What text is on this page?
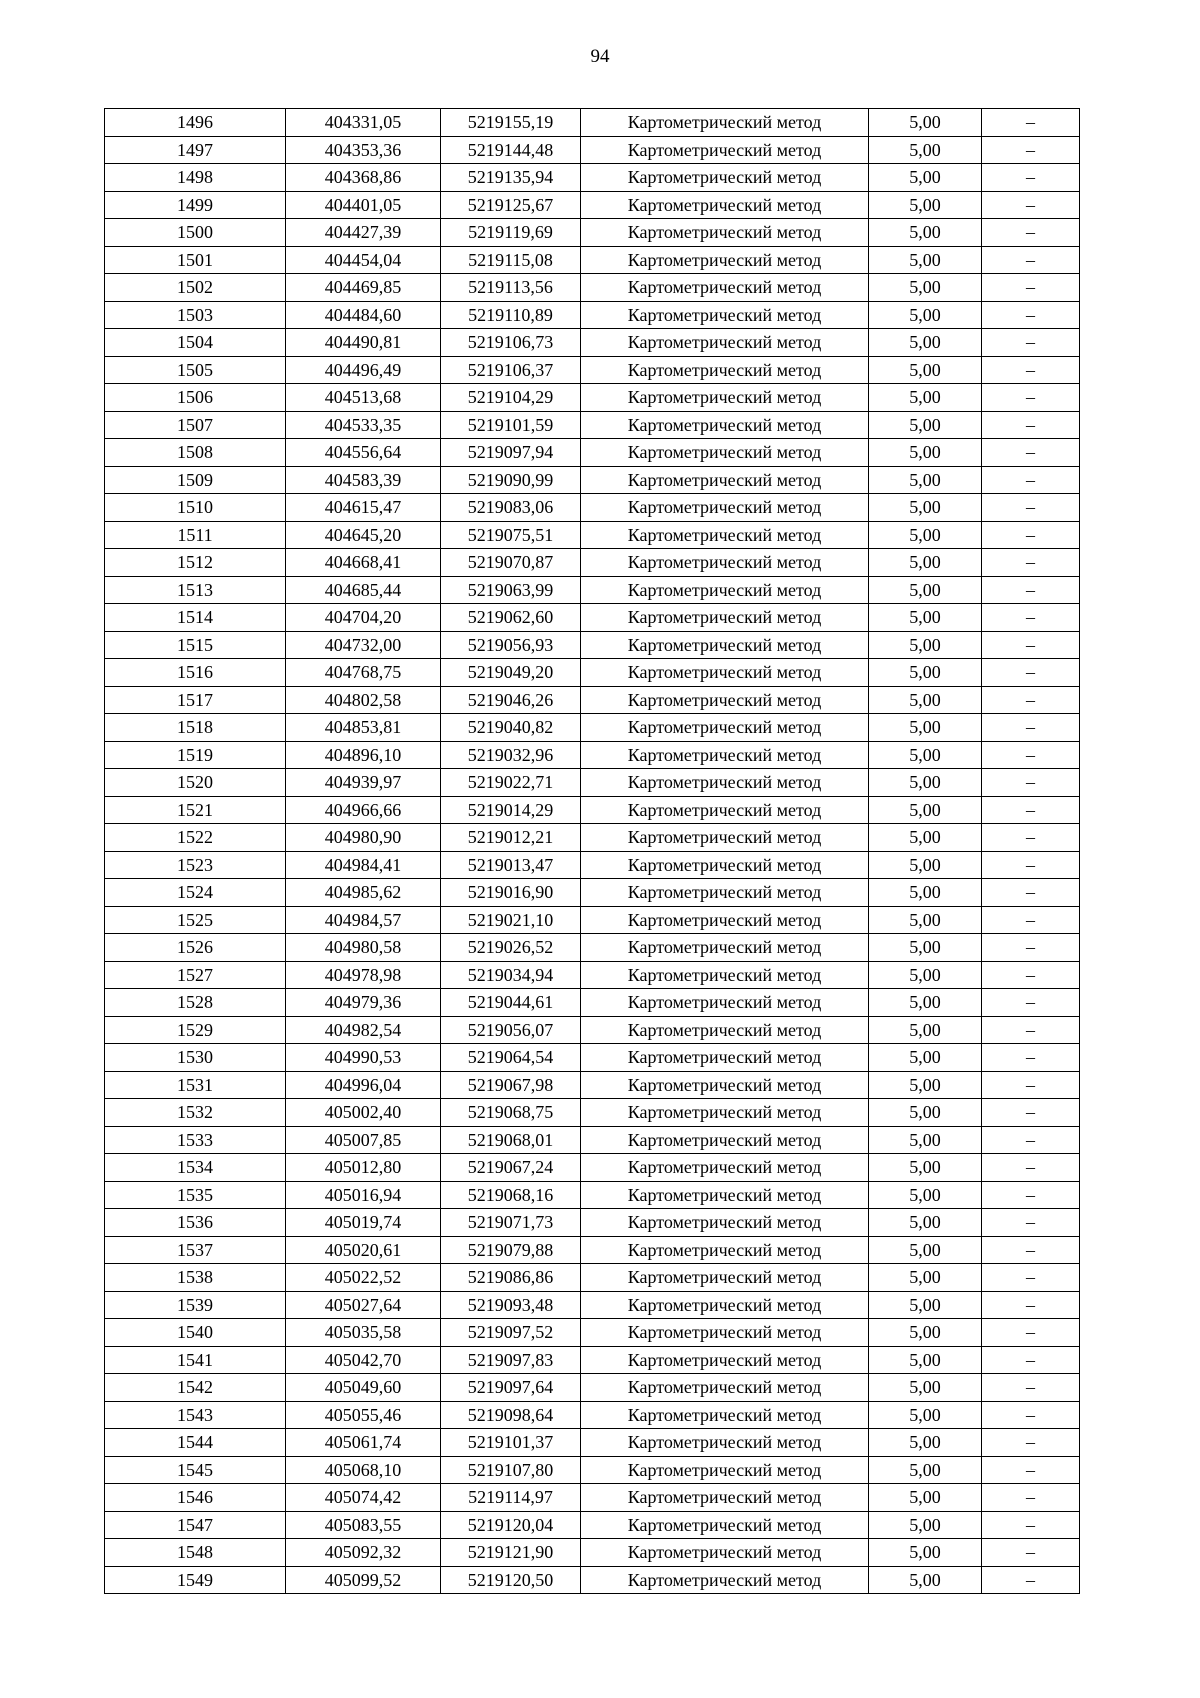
94
1496	404331,05	5219155,19	Картометрический метод	5,00	–
1497	404353,36	5219144,48	Картометрический метод	5,00	–
1498	404368,86	5219135,94	Картометрический метод	5,00	–
1499	404401,05	5219125,67	Картометрический метод	5,00	–
1500	404427,39	5219119,69	Картометрический метод	5,00	–
1501	404454,04	5219115,08	Картометрический метод	5,00	–
1502	404469,85	5219113,56	Картометрический метод	5,00	–
1503	404484,60	5219110,89	Картометрический метод	5,00	–
1504	404490,81	5219106,73	Картометрический метод	5,00	–
1505	404496,49	5219106,37	Картометрический метод	5,00	–
1506	404513,68	5219104,29	Картометрический метод	5,00	–
1507	404533,35	5219101,59	Картометрический метод	5,00	–
1508	404556,64	5219097,94	Картометрический метод	5,00	–
1509	404583,39	5219090,99	Картометрический метод	5,00	–
1510	404615,47	5219083,06	Картометрический метод	5,00	–
1511	404645,20	5219075,51	Картометрический метод	5,00	–
1512	404668,41	5219070,87	Картометрический метод	5,00	–
1513	404685,44	5219063,99	Картометрический метод	5,00	–
1514	404704,20	5219062,60	Картометрический метод	5,00	–
1515	404732,00	5219056,93	Картометрический метод	5,00	–
1516	404768,75	5219049,20	Картометрический метод	5,00	–
1517	404802,58	5219046,26	Картометрический метод	5,00	–
1518	404853,81	5219040,82	Картометрический метод	5,00	–
1519	404896,10	5219032,96	Картометрический метод	5,00	–
1520	404939,97	5219022,71	Картометрический метод	5,00	–
1521	404966,66	5219014,29	Картометрический метод	5,00	–
1522	404980,90	5219012,21	Картометрический метод	5,00	–
1523	404984,41	5219013,47	Картометрический метод	5,00	–
1524	404985,62	5219016,90	Картометрический метод	5,00	–
1525	404984,57	5219021,10	Картометрический метод	5,00	–
1526	404980,58	5219026,52	Картометрический метод	5,00	–
1527	404978,98	5219034,94	Картометрический метод	5,00	–
1528	404979,36	5219044,61	Картометрический метод	5,00	–
1529	404982,54	5219056,07	Картометрический метод	5,00	–
1530	404990,53	5219064,54	Картометрический метод	5,00	–
1531	404996,04	5219067,98	Картометрический метод	5,00	–
1532	405002,40	5219068,75	Картометрический метод	5,00	–
1533	405007,85	5219068,01	Картометрический метод	5,00	–
1534	405012,80	5219067,24	Картометрический метод	5,00	–
1535	405016,94	5219068,16	Картометрический метод	5,00	–
1536	405019,74	5219071,73	Картометрический метод	5,00	–
1537	405020,61	5219079,88	Картометрический метод	5,00	–
1538	405022,52	5219086,86	Картометрический метод	5,00	–
1539	405027,64	5219093,48	Картометрический метод	5,00	–
1540	405035,58	5219097,52	Картометрический метод	5,00	–
1541	405042,70	5219097,83	Картометрический метод	5,00	–
1542	405049,60	5219097,64	Картометрический метод	5,00	–
1543	405055,46	5219098,64	Картометрический метод	5,00	–
1544	405061,74	5219101,37	Картометрический метод	5,00	–
1545	405068,10	5219107,80	Картометрический метод	5,00	–
1546	405074,42	5219114,97	Картометрический метод	5,00	–
1547	405083,55	5219120,04	Картометрический метод	5,00	–
1548	405092,32	5219121,90	Картометрический метод	5,00	–
1549	405099,52	5219120,50	Картометрический метод	5,00	–
